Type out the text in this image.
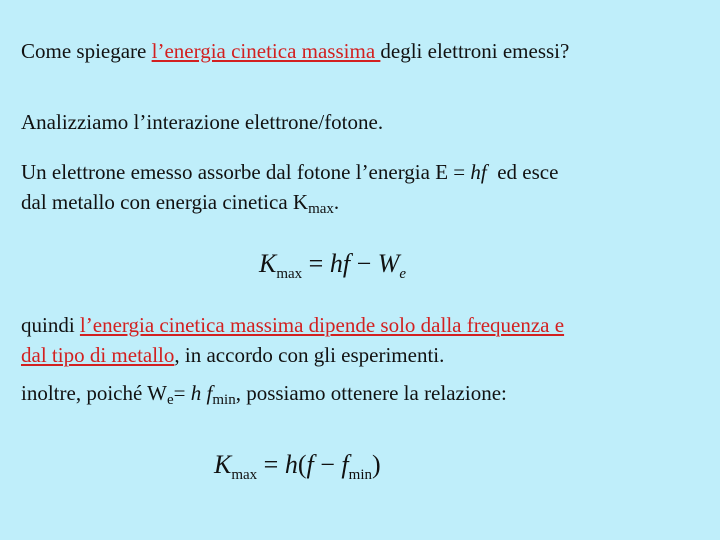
Come spiegare l’energia cinetica massima degli elettroni emessi?
Analizziamo l’interazione elettrone/fotone.
Un elettrone emesso assorbe dal fotone l’energia E = hf  ed esce
dal metallo con energia cinetica $K_{max}$.
$K_{max}$ = hf − $W_e$
quindi l’energia cinetica massima dipende solo dalla frequenza e
dal tipo di metallo, in accordo con gli esperimenti.
inoltre, poiché $W_e= h$ $f_{min}$, possiamo ottenere la relazione:
$K_{max} = h(f - f_{min})$
